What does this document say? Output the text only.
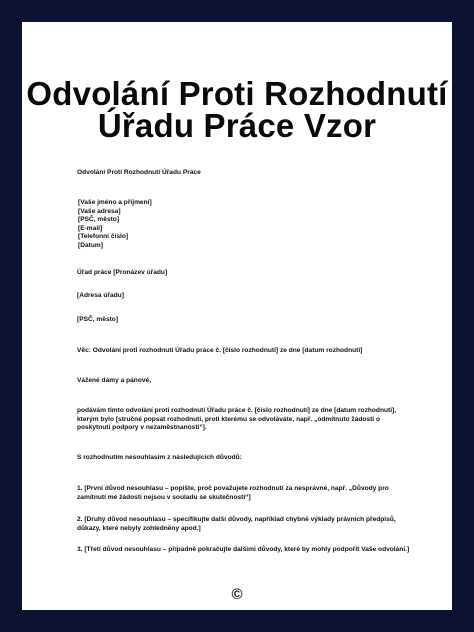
Odvolání Proti Rozhodnutí
Úřadu Práce Vzor
Odvolání Proti Rozhodnutí Úřadu Práce
[Vaše jméno a příjmení]
[Vaše adresa]
[PSČ, město]
[E-mail]
[Telefonní číslo]
[Datum]
Úřad práce [Pronázev úřadu]
[Adresa úřadu]
[PSČ, město]
Věc: Odvolání proti rozhodnutí Úřadu práce č. [číslo rozhodnutí] ze dne [datum rozhodnutí]
Vážené dámy a pánové,
podávám tímto odvolání proti rozhodnutí Úřadu práce č. [číslo rozhodnutí] ze dne [datum rozhodnutí],
kterým bylo [stručné popsat rozhodnutí, proti kterému se odvoláváte, např. „odmítnuto žádosti o
poskytnutí podpory v nezaměstnanosti“].
S rozhodnutím nesouhlasím z následujících důvodů:
1. [První důvod nesouhlasu – popište, proč považujete rozhodnutí za nesprávné, např. „Důvody pro
zamítnutí mé žádosti nejsou v souladu se skutečností“]
2. [Druhý důvod nesouhlasu – specifikujte další důvody, například chybné výklady právních předpisů,
důkazy, které nebyly zohledněny apod.]
3. [Třetí důvod nesouhlasu – případně pokračujte dalšími důvody, které by mohly podpořit Vaše odvolání.]
©
